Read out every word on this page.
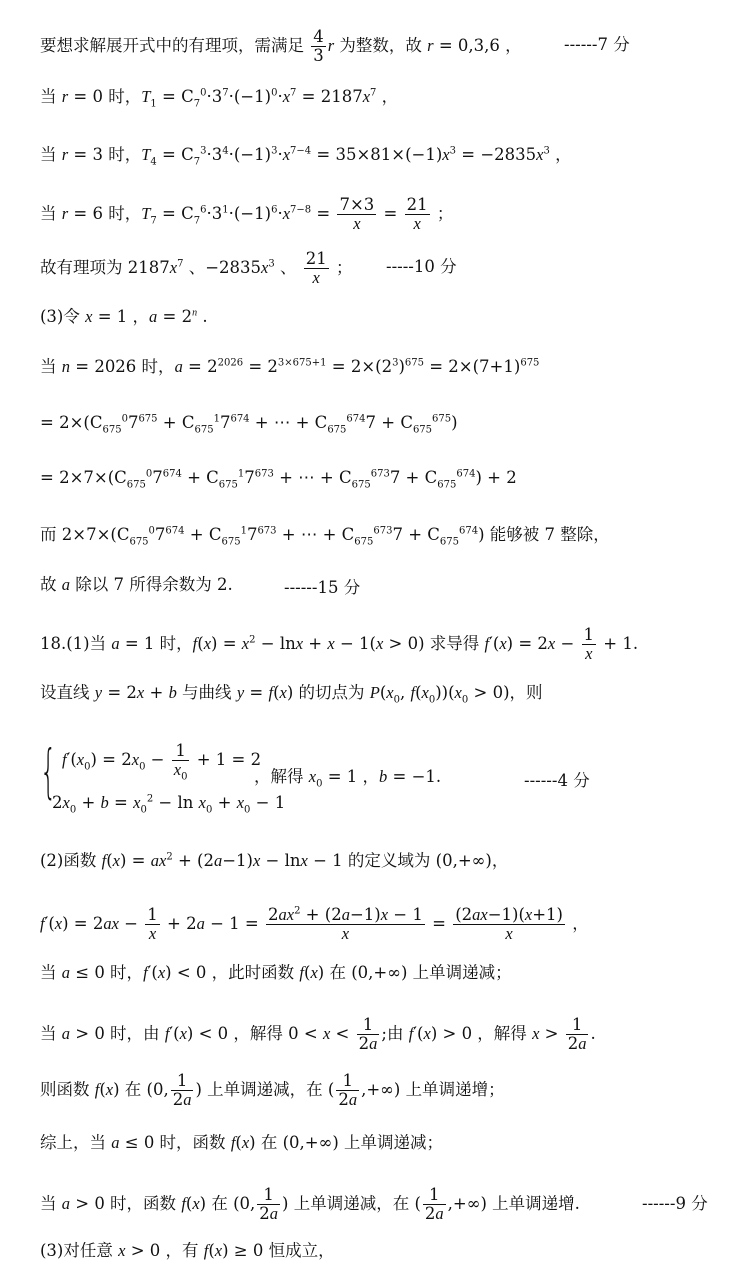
要想求解展开式中的有理项，需满足 $\frac{4}{3}$ r 为整数，故 r = 0,3,6 ，	------7 分
当 r = 0 时，$T_1 = C_7^0\cdot 3^7\cdot(-1)^0\cdot x^7 = 2187x^7$ ，
当 r = 3 时，$T_4 = C_7^3\cdot 3^4\cdot(-1)^3\cdot x^{7-4} = 35\times 81\times(-1)x^3 = -2835x^3$ ，
当 r = 6 时，$T_7 = C_7^6\cdot 3^1\cdot(-1)^6\cdot x^{7-8} = \frac{7\times 3}{x} = \frac{21}{x}$ ；
故有理项为 $2187x^7$ 、$-2835x^3$ 、 $\frac{21}{x}$ ； -----10 分
(3)令 x = 1 ，$a = 2^n$ .
当 n = 2026 时，$a = 2^{2026} = 2^{3\times 675+1} = 2\times(2^3)^{675} = 2\times(7+1)^{675}$
= $2\times(C_{675}^07^{675} + C_{675}^17^{674}$ + ⋯ + $C_{675}^{674}7 + C_{675}^{675}$)
= $2\times 7\times(C_{675}^07^{674} + C_{675}^17^{673}$ + ⋯ + $C_{675}^{673}7 + C_{675}^{674}) + 2$
而 $2\times 7\times(C_{675}^07^{674} + C_{675}^17^{673}$ + ⋯ + $C_{675}^{673}7 + C_{675}^{674}$) 能够被 7 整除，
故 a 除以 7 所得余数为 2.	------15 分
18.(1)当 a = 1 时，$f(x) = x^2 - \ln x + x - 1(x > 0)$ 求导得 $f'(x) = 2x - \frac{1}{x} + 1$.
设直线 y = 2x + b 与曲线 y = f(x) 的切点为 $P(x_0$, $f(x_0))(x_0 > 0)$，则
{ $f'(x_0) = 2x_0 - \frac{1}{x_0} + 1 = 2$
$2x_0 + b = x_0^2 - \ln x_0 + x_0 - 1$
，解得 $x_0 = 1$ ，b = −1.	------4 分
(2)函数 $f(x) = ax^2 + (2a-1)x - \ln x - 1$ 的定义域为 (0,+∞)，
$f'(x) = 2ax - \frac{1}{x} + 2a - 1 = \frac{2ax^2 + (2a-1)x - 1}{x} = \frac{(2ax-1)(x+1)}{x}$ ，
当 a ≤ 0 时，f′(x) < 0 ，此时函数 f(x) 在 (0,+∞) 上单调递减；
当 a > 0 时，由 f′(x) < 0 ，解得 $0 < x < \frac{1}{2a}$ ;由 f′(x) > 0 ，解得 $x > \frac{1}{2a}$ .
则函数 f(x) 在 (0, $\frac{1}{2a}$ ) 上单调递减，在 ( $\frac{1}{2a}$ ,+∞) 上单调递增；
综上，当 a ≤ 0 时，函数 f(x) 在 (0,+∞) 上单调递减；
当 a > 0 时，函数 f(x) 在 (0, $\frac{1}{2a}$ ) 上单调递减，在 ( $\frac{1}{2a}$ ,+∞) 上单调递增.	------9 分
(3)对任意 x > 0 ，有 f(x) ≥ 0 恒成立，
